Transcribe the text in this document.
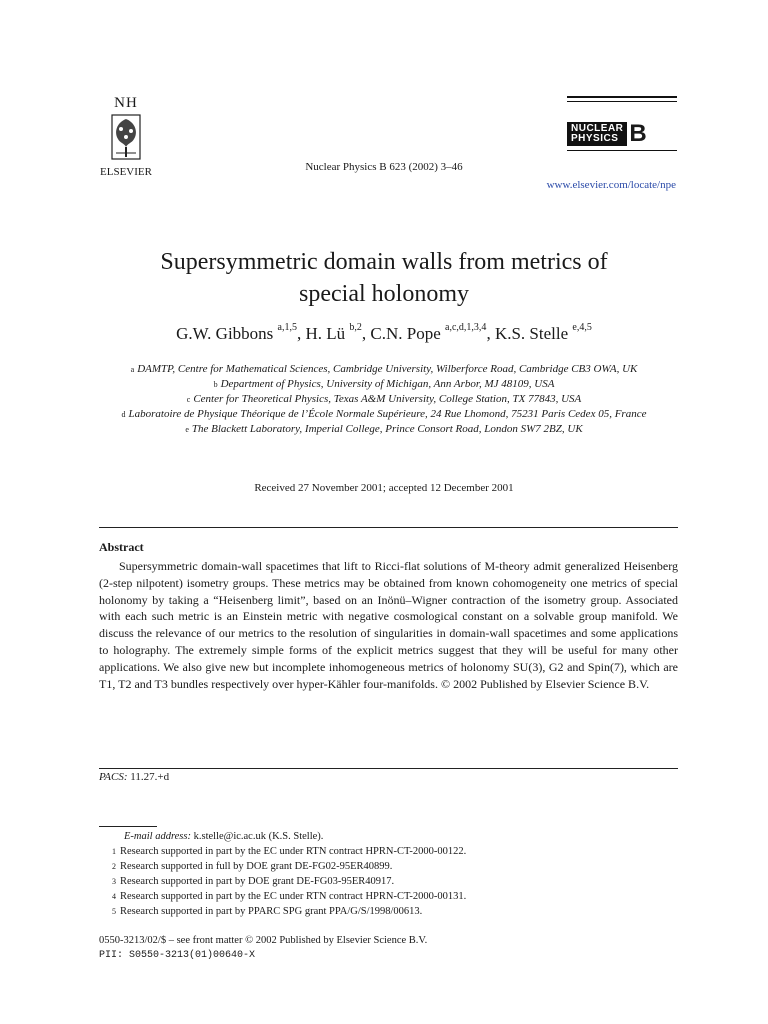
NH
ELSEVIER	Nuclear Physics B 623 (2002) 3–46
NUCLEAR
PHYSICS B
www.elsevier.com/locate/npe
Supersymmetric domain walls from metrics of
special holonomy
G.W. Gibbons $^{a,1,5}$, H. Lü $^{b,2}$, C.N. Pope $^{a,c,d,1,3,4}$, K.S. Stelle $^{e,4,5}$
$^a$ DAMTP, Centre for Mathematical Sciences, Cambridge University, Wilberforce Road, Cambridge CB3 OWA, UK
$^b$ Department of Physics, University of Michigan, Ann Arbor, MJ 48109, USA
$^c$ Center for Theoretical Physics, Texas A&M University, College Station, TX 77843, USA
$^d$ Laboratoire de Physique Théorique de l’École Normale Supérieure, 24 Rue Lhomond, 75231 Paris Cedex 05, France
$^e$ The Blackett Laboratory, Imperial College, Prince Consort Road, London SW7 2BZ, UK
Received 27 November 2001; accepted 12 December 2001
Abstract
Supersymmetric domain-wall spacetimes that lift to Ricci-flat solutions of M-theory admit generalized Heisenberg (2-step nilpotent) isometry groups. These metrics may be obtained from known cohomogeneity one metrics of special holonomy by taking a “Heisenberg limit”, based on an Inönü–Wigner contraction of the isometry group. Associated with each such metric is an Einstein metric with negative cosmological constant on a solvable group manifold. We discuss the relevance of our metrics to the resolution of singularities in domain-wall spacetimes and some applications to holography. The extremely simple forms of the explicit metrics suggest that they will be useful for many other applications. We also give new but incomplete inhomogeneous metrics of holonomy SU(3), G2 and Spin(7), which are T1, T2 and T3 bundles respectively over hyper-Kähler four-manifolds. © 2002 Published by Elsevier Science B.V.
PACS: 11.27.+d
E-mail address: k.stelle@ic.ac.uk (K.S. Stelle).
$^1$ Research supported in part by the EC under RTN contract HPRN-CT-2000-00122.
$^2$ Research supported in full by DOE grant DE-FG02-95ER40899.
$^3$ Research supported in part by DOE grant DE-FG03-95ER40917.
$^4$ Research supported in part by the EC under RTN contract HPRN-CT-2000-00131.
$^5$ Research supported in part by PPARC SPG grant PPA/G/S/1998/00613.
0550-3213/02/$ – see front matter © 2002 Published by Elsevier Science B.V.
PII: S0550-3213(01)00640-X
